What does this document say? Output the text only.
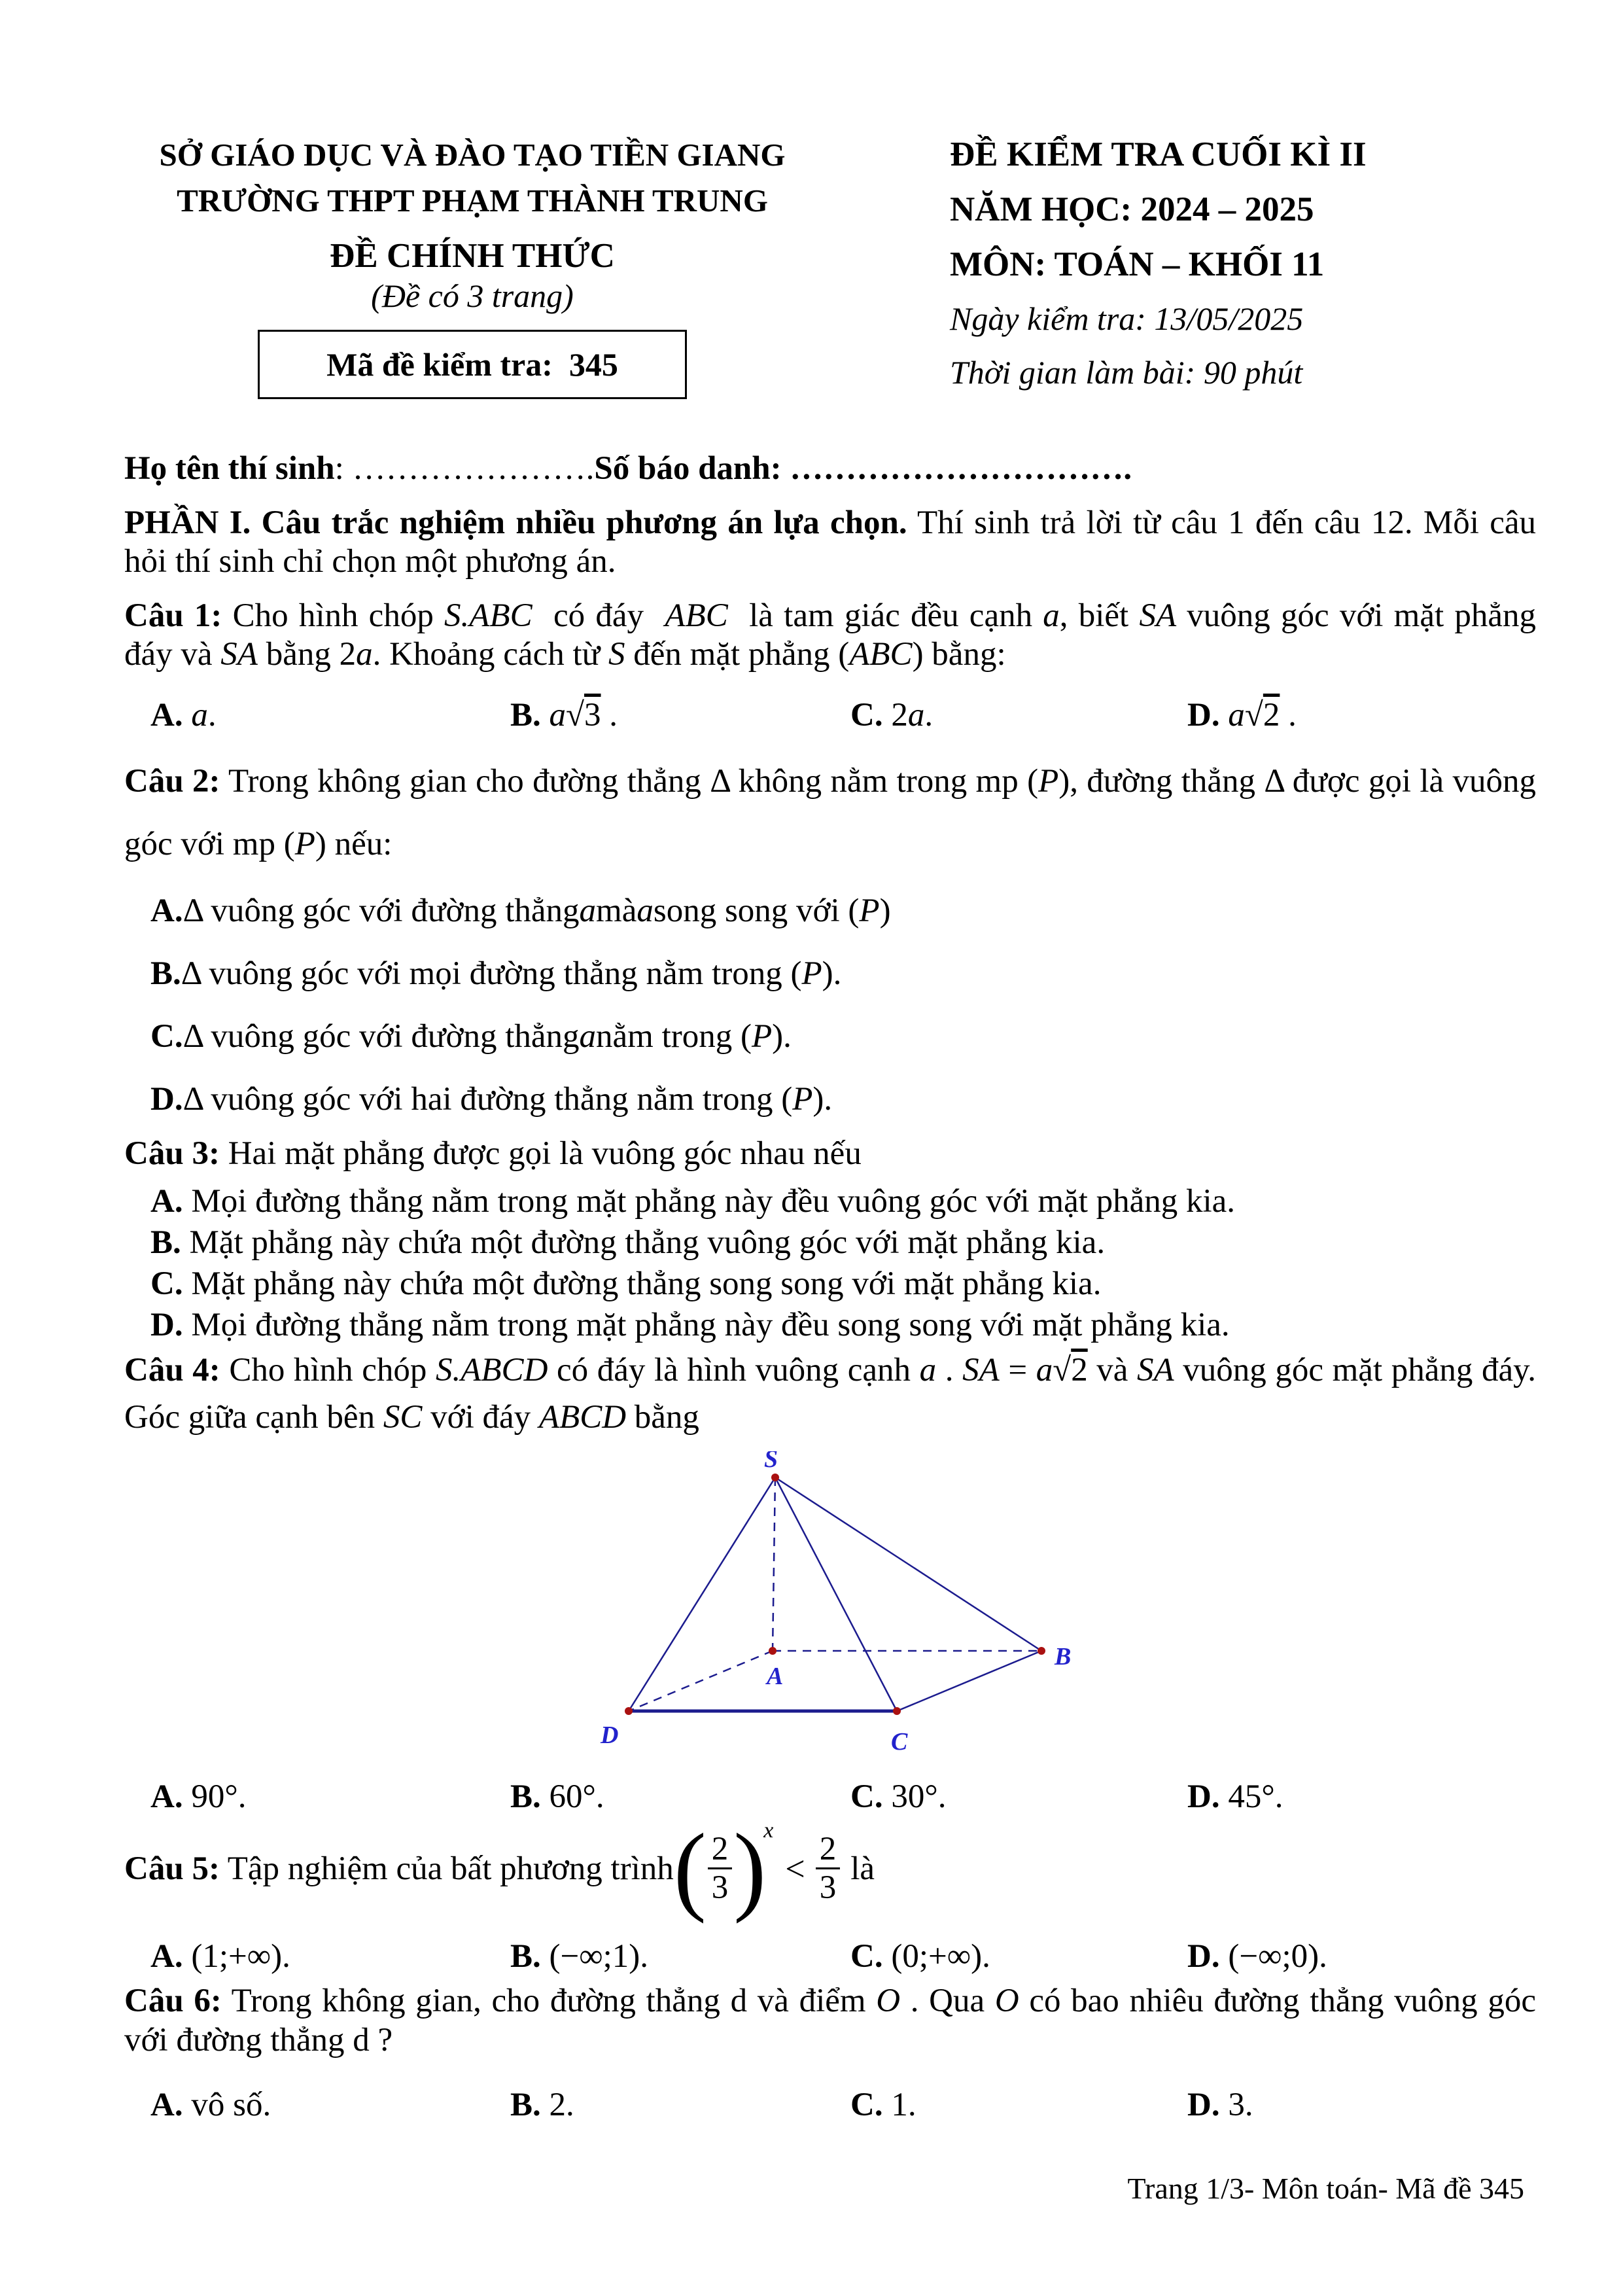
SỞ GIÁO DỤC VÀ ĐÀO TẠO TIỀN GIANG
TRƯỜNG THPT PHẠM THÀNH TRUNG
ĐỀ CHÍNH THỨC
(Đề có 3 trang)
Mã đề kiểm tra:  345
ĐỀ KIỂM TRA CUỐI KÌ II
NĂM HỌC: 2024 – 2025
MÔN: TOÁN – KHỐI 11
Ngày kiểm tra: 13/05/2025
Thời gian làm bài: 90 phút
Họ tên thí sinh: ………………….Số báo danh: ………………………….
PHẦN I. Câu trắc nghiệm nhiều phương án lựa chọn. Thí sinh trả lời từ câu 1 đến câu 12. Mỗi câu hỏi thí sinh chỉ chọn một phương án.
Câu 1: Cho hình chóp S.ABC  có đáy  ABC  là tam giác đều cạnh a, biết SA vuông góc với mặt phẳng đáy và SA bằng 2a. Khoảng cách từ S đến mặt phẳng (ABC) bằng:
A. a.	B. a√3 .	C. 2a.	D. a√2 .
Câu 2: Trong không gian cho đường thẳng Δ không nằm trong mp (P), đường thẳng Δ được gọi là vuông góc với mp (P) nếu:
A. Δ vuông góc với đường thẳng a mà a song song với ( P )
B. Δ vuông góc với mọi đường thẳng nằm trong ( P ).
C. Δ vuông góc với đường thẳng a nằm trong ( P ).
D. Δ vuông góc với hai đường thẳng nằm trong ( P ).
Câu 3: Hai mặt phẳng được gọi là vuông góc nhau nếu
A. Mọi đường thẳng nằm trong mặt phẳng này đều vuông góc với mặt phẳng kia.
B. Mặt phẳng này chứa một đường thẳng vuông góc với mặt phẳng kia.
C. Mặt phẳng này chứa một đường thẳng song song với mặt phẳng kia.
D. Mọi đường thẳng nằm trong mặt phẳng này đều song song với mặt phẳng kia.
Câu 4: Cho hình chóp S.ABCD có đáy là hình vuông cạnh a . SA = a√2 và SA vuông góc mặt phẳng đáy. Góc giữa cạnh bên SC với đáy ABCD bằng
S
A
B
D	C
A. 90°.	B. 60°.	C. 30°.	D. 45°.
Câu 5: Tập nghiệm của bất phương trình ( $\frac{2}{3}$ )
x
< $\frac{2}{3}$ là
A. (1;+∞).	B. (−∞;1).	C. (0;+∞).	D. (−∞;0).
Câu 6: Trong không gian, cho đường thẳng d và điểm O . Qua O có bao nhiêu đường thẳng vuông góc với đường thẳng d ?
A. vô số.	B. 2.	C. 1.	D. 3.
Trang 1/3- Môn toán- Mã đề 345
